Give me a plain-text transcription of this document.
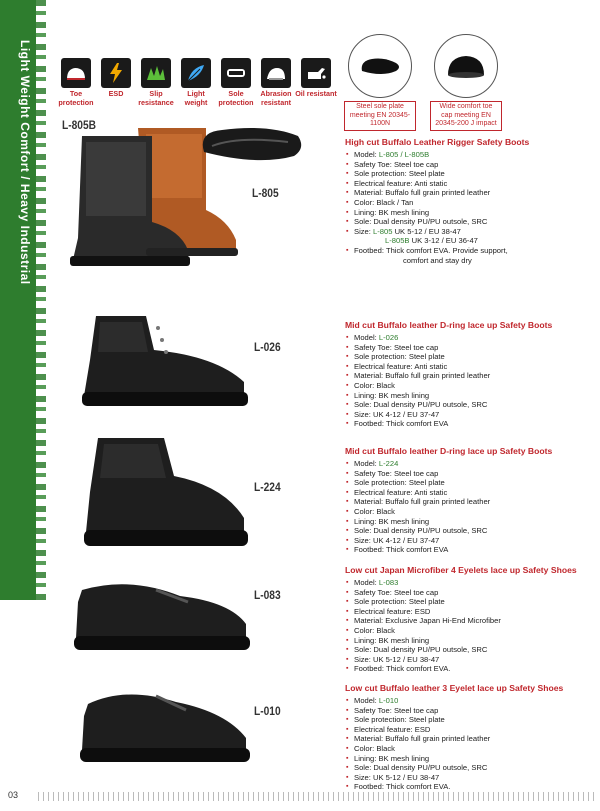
Light Weight Comfort / Heavy Industrial	Toe protection
ESD	Slip resistance
Light weight
Sole protection
Abrasion resistant
Oil resistant
Steel sole plate meeting EN 20345-1100N
Wide comfort toe cap meeting EN 20345-200 J impact
L-805B
L-805
L-026
L-224
L-083
L-010
High cut Buffalo Leather Rigger Safety Boots
▪ Model: L-805 / L-805B
▪ Safety Toe: Steel toe cap
▪ Sole protection: Steel plate
▪ Electrical feature: Anti static
▪ Material: Buffalo full grain printed leather
▪ Color: Black / Tan
▪ Lining: BK mesh lining
▪ Sole: Dual density PU/PU outsole, SRC
▪ Size: L-805 UK 5-12 / EU 38-47
L-805B UK 3-12 / EU 36-47
▪ Footbed: Thick comfort EVA. Provide support,
comfort and stay dry
Mid cut Buffalo leather D-ring lace up Safety Boots
▪ Model: L-026
▪ Safety Toe: Steel toe cap
▪ Sole protection: Steel plate
▪ Electrical feature: Anti static
▪ Material: Buffalo full grain printed leather
▪ Color: Black
▪ Lining: BK mesh lining
▪ Sole: Dual density PU/PU outsole, SRC
▪ Size: UK 4-12 / EU 37-47
▪ Footbed: Thick comfort EVA
Mid cut Buffalo leather D-ring lace up Safety Boots
▪ Model: L-224
▪ Safety Toe: Steel toe cap
▪ Sole protection: Steel plate
▪ Electrical feature: Anti static
▪ Material: Buffalo full grain printed leather
▪ Color: Black
▪ Lining: BK mesh lining
▪ Sole: Dual density PU/PU outsole, SRC
▪ Size: UK 4-12 / EU 37-47
▪ Footbed: Thick comfort EVA
Low cut Japan Microfiber 4 Eyelets lace up Safety Shoes
▪ Model: L-083
▪ Safety Toe: Steel toe cap
▪ Sole protection: Steel plate
▪ Electrical feature: ESD
▪ Material: Exclusive Japan Hi-End Microfiber
▪ Color: Black
▪ Lining: BK mesh lining
▪ Sole: Dual density PU/PU outsole, SRC
▪ Size: UK 5-12 / EU 38-47
▪ Footbed: Thick comfort EVA.
Low cut Buffalo leather 3 Eyelet lace up Safety Shoes
▪ Model: L-010
▪ Safety Toe: Steel toe cap
▪ Sole protection: Steel plate
▪ Electrical feature: ESD
▪ Material: Buffalo full grain printed leather
▪ Color: Black
▪ Lining: BK mesh lining
▪ Sole: Dual density PU/PU outsole, SRC
▪ Size: UK 5-12 / EU 38-47
▪ Footbed: Thick comfort EVA.
03
